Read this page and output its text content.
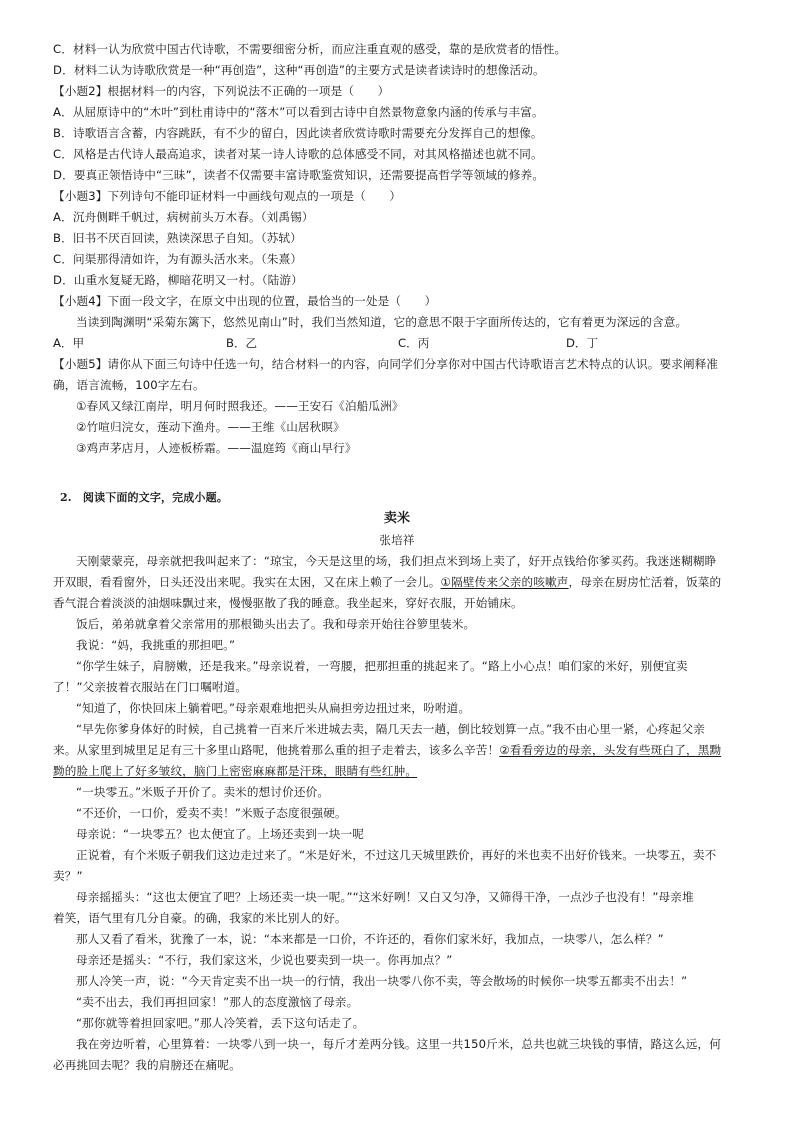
C．材料一认为欣赏中国古代诗歌，不需要细密分析，而应注重直观的感受，靠的是欣赏者的悟性。
D．材料二认为诗歌欣赏是一种“再创造”，这种“再创造”的主要方式是读者读诗时的想像活动。
【小题2】根据材料一的内容，下列说法不正确的一项是（　　）
A．从屈原诗中的“木叶”到杜甫诗中的“落木”可以看到古诗中自然景物意象内涵的传承与丰富。
B．诗歌语言含蓄，内容跳跃，有不少的留白，因此读者欣赏诗歌时需要充分发挥自己的想像。
C．风格是古代诗人最高追求，读者对某一诗人诗歌的总体感受不同，对其风格描述也就不同。
D．要真正领悟诗中“三昧”，读者不仅需要丰富诗歌鉴赏知识，还需要提高哲学等领域的修养。
【小题3】下列诗句不能印证材料一中画线句观点的一项是（　　）
A．沉舟侧畔千帆过，病树前头万木春。（刘禹锡）
B．旧书不厌百回读，熟读深思子自知。（苏轼）
C．问渠那得清如许，为有源头活水来。（朱熹）
D．山重水复疑无路，柳暗花明又一村。（陆游）
【小题4】下面一段文字，在原文中出现的位置，最恰当的一处是（　　）
当读到陶渊明“采菊东篱下，悠然见南山”时，我们当然知道，它的意思不限于字面所传达的，它有着更为深远的含意。
A．甲	B．乙	C．丙	D．丁
【小题5】请你从下面三句诗中任选一句，结合材料一的内容，向同学们分享你对中国古代诗歌语言艺术特点的认识。要求阐释准
确，语言流畅，100字左右。
①春风又绿江南岸，明月何时照我还。——王安石《泊船瓜洲》
②竹喧归浣女，莲动下渔舟。——王维《山居秋暝》
③鸡声茅店月，人迹板桥霜。——温庭筠《商山早行》
2.　阅读下面的文字，完成小题。
卖米
张培祥
天刚蒙蒙亮，母亲就把我叫起来了：“琼宝，今天是这里的场，我们担点米到场上卖了，好开点钱给你爹买药。我迷迷糊糊睁
开双眼，看看窗外，日头还没出来呢。我实在太困，又在床上赖了一会儿。①隔壁传来父亲的咳嗽声，母亲在厨房忙活着，饭菜的
香气混合着淡淡的油烟味飘过来，慢慢驱散了我的睡意。我坐起来，穿好衣服，开始铺床。
饭后，弟弟就拿着父亲常用的那根锄头出去了。我和母亲开始往谷箩里装米。
我说：“妈，我挑重的那担吧。”
“你学生妹子，肩膀嫩，还是我来。”母亲说着，一弯腰，把那担重的挑起来了。“路上小心点！咱们家的米好，别便宜卖
了！”父亲披着衣服站在门口嘱咐道。
“知道了，你快回床上躺着吧。”母亲艰难地把头从扁担旁边扭过来，吩咐道。
“早先你爹身体好的时候，自己挑着一百来斤米进城去卖，隔几天去一趟，倒比较划算一点。”我不由心里一紧，心疼起父亲
来。从家里到城里足足有三十多里山路呢，他挑着那么重的担子走着去，该多么辛苦！②看看旁边的母亲，头发有些斑白了，黑黝
黝的脸上爬上了好多皱纹，脑门上密密麻麻都是汗珠，眼睛有些红肿。
“一块零五。”米贩子开价了。卖米的想讨价还价。
“不还价，一口价，爱卖不卖！”米贩子态度很强硬。
母亲说：“一块零五？也太便宜了。上场还卖到一块一呢
正说着，有个米贩子朝我们这边走过来了。“米是好米，不过这几天城里跌价，再好的米也卖不出好价钱来。一块零五，卖不
卖？”
母亲摇摇头：“这也太便宜了吧？上场还卖一块一呢。”“这米好咧！又白又匀净，又筛得干净，一点沙子也没有！”母亲堆
着笑，语气里有几分自豪。的确，我家的米比别人的好。
那人又看了看米，犹豫了一本，说：“本来都是一口价，不许还的，看你们家米好，我加点，一块零八，怎么样？”
母亲还是摇头：“不行，我们家这米，少说也要卖到一块一。你再加点？”
那人冷笑一声，说：“今天肯定卖不出一块一的行情，我出一块零八你不卖，等会散场的时候你一块零五都卖不出去！”
“卖不出去，我们再担回家！”那人的态度激恼了母亲。
“那你就等着担回家吧。”那人冷笑着，丢下这句话走了。
我在旁边听着，心里算着：一块零八到一块一，每斤才差两分钱。这里一共150斤米，总共也就三块钱的事情，路这么远，何
必再挑回去呢？我的肩膀还在痛呢。
